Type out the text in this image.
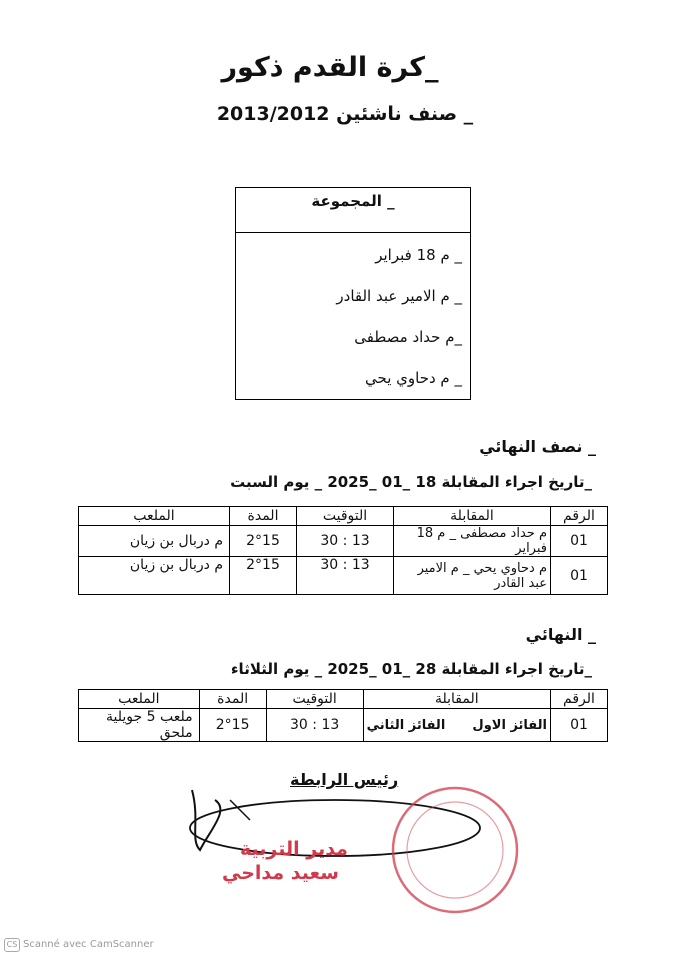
_كرة القدم ذكور
_ صنف ناشئين 2013/2012
_ المجموعة
_ م 18 فبراير
_ م الامير عبد القادر
_م حداد مصطفى
_ م دحاوي يحي
_ نصف النهائي
_تاريخ اجراء المقابلة 18 _01 _2025 _ يوم السبت
الرقم	المقابلة	التوقيت	المدة	الملعب
01	م حداد مصطفى _ م 18 فبراير	13 : 30	2°15	م دربال بن زيان
01	م دحاوي يحي _ م الامير عبد القادر	13 : 30	2°15	م دربال بن زيان
_ النهائي
_تاريخ اجراء المقابلة 28 _01 _2025 _ يوم الثلاثاء
الرقم	المقابلة	التوقيت	المدة	الملعب
01	الفائز الاول      الفائز الثاني	13 : 30	2°15	ملعب 5 جويلية ملحق
رئيس الرابطة
مدير التربية
سعيد مداحي
CS Scanné avec CamScanner
